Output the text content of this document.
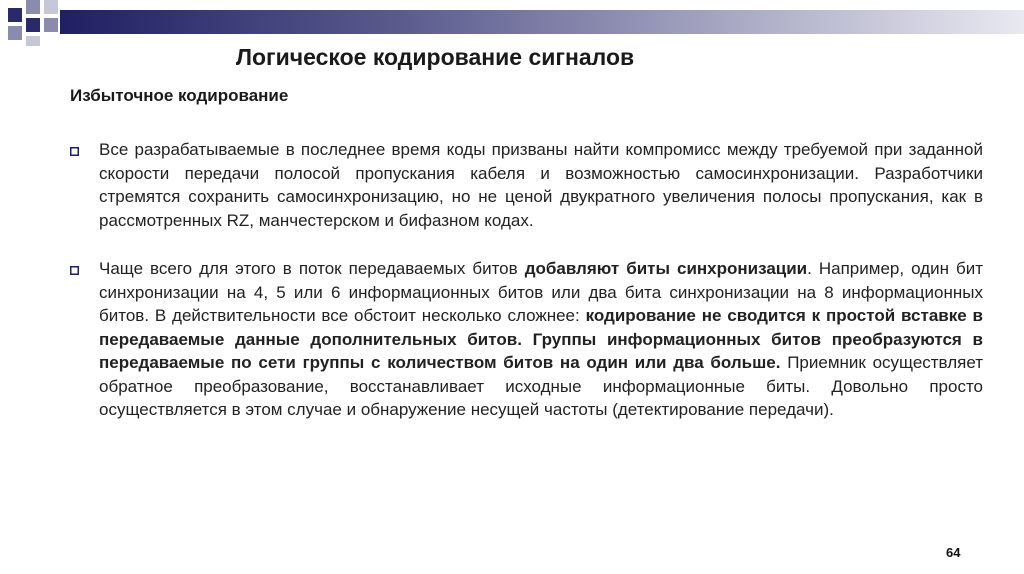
Логическое кодирование сигналов
Избыточное кодирование
Все разрабатываемые в последнее время коды призваны найти компромисс между требуемой при заданной скорости передачи полосой пропускания кабеля и возможностью самосинхронизации. Разработчики стремятся сохранить самосинхронизацию, но не ценой двукратного увеличения полосы пропускания, как в рассмотренных RZ, манчестерском и бифазном кодах.
Чаще всего для этого в поток передаваемых битов добавляют биты синхронизации. Например, один бит синхронизации на 4, 5 или 6 информационных битов или два бита синхронизации на 8 информационных битов. В действительности все обстоит несколько сложнее: кодирование не сводится к простой вставке в передаваемые данные дополнительных битов. Группы информационных битов преобразуются в передаваемые по сети группы с количеством битов на один или два больше. Приемник осуществляет обратное преобразование, восстанавливает исходные информационные биты. Довольно просто осуществляется в этом случае и обнаружение несущей частоты (детектирование передачи).
64
